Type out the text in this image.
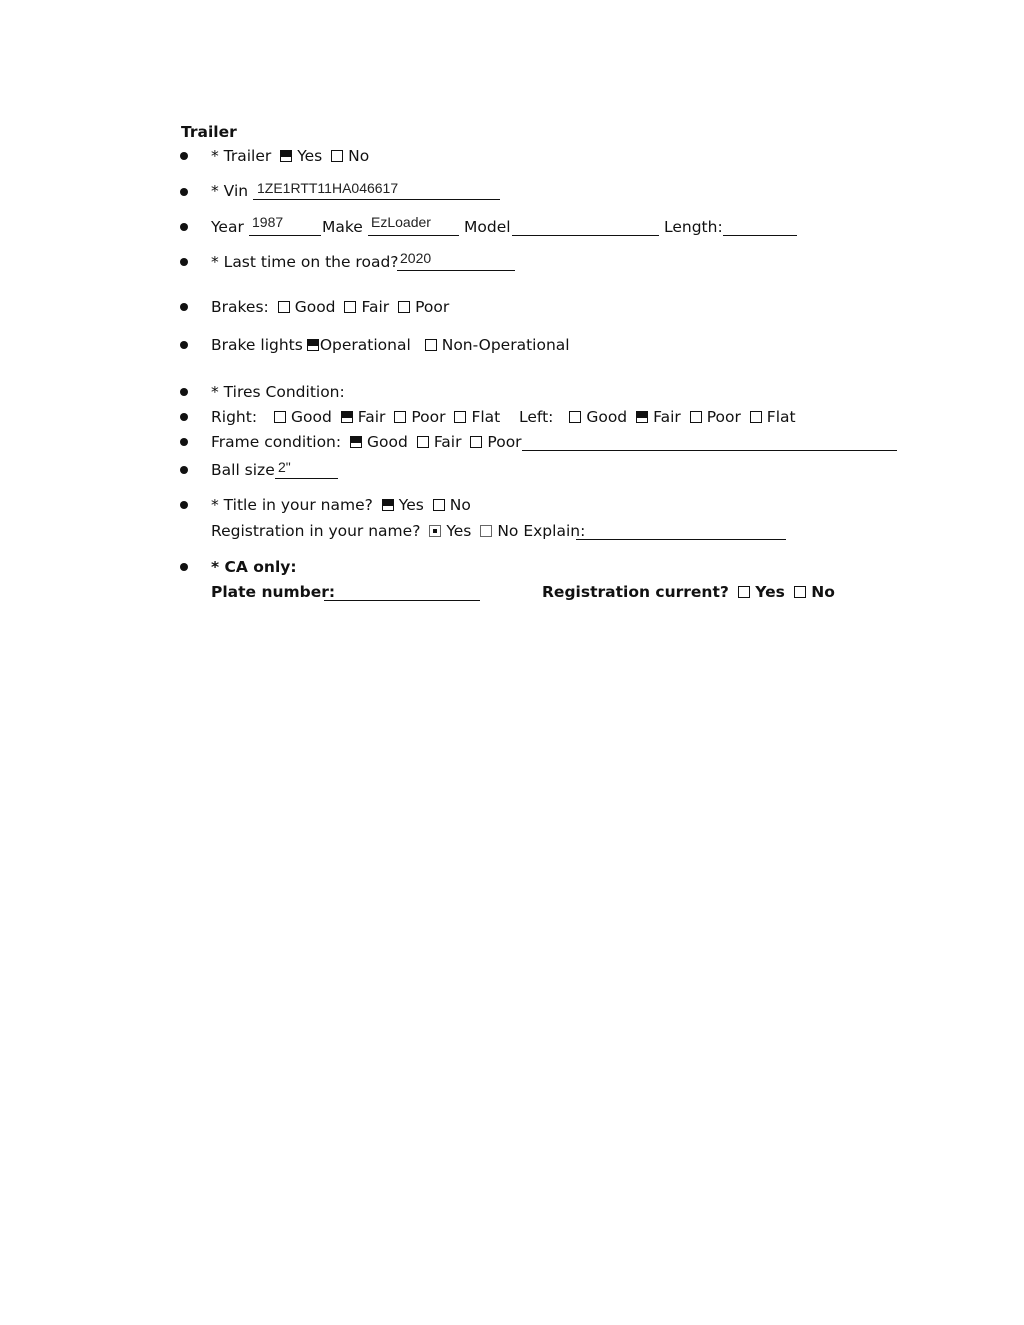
Trailer
* Trailer Yes No
* Vin 1ZE1RTT11HA046617
Year 1987	Make EzLoader Model	Length:
* Last time on the road? 2020
Brakes: Good Fair Poor
Brake lights Operational Non-Operational
* Tires Condition:
Right: Good Fair Poor Flat Left: Good Fair Poor Flat
Frame condition: Good Fair Poor
Ball size 2"
* Title in your name? Yes No
Registration in your name? Yes No Explain:
* CA only:
Plate number:	Registration current? Yes No
